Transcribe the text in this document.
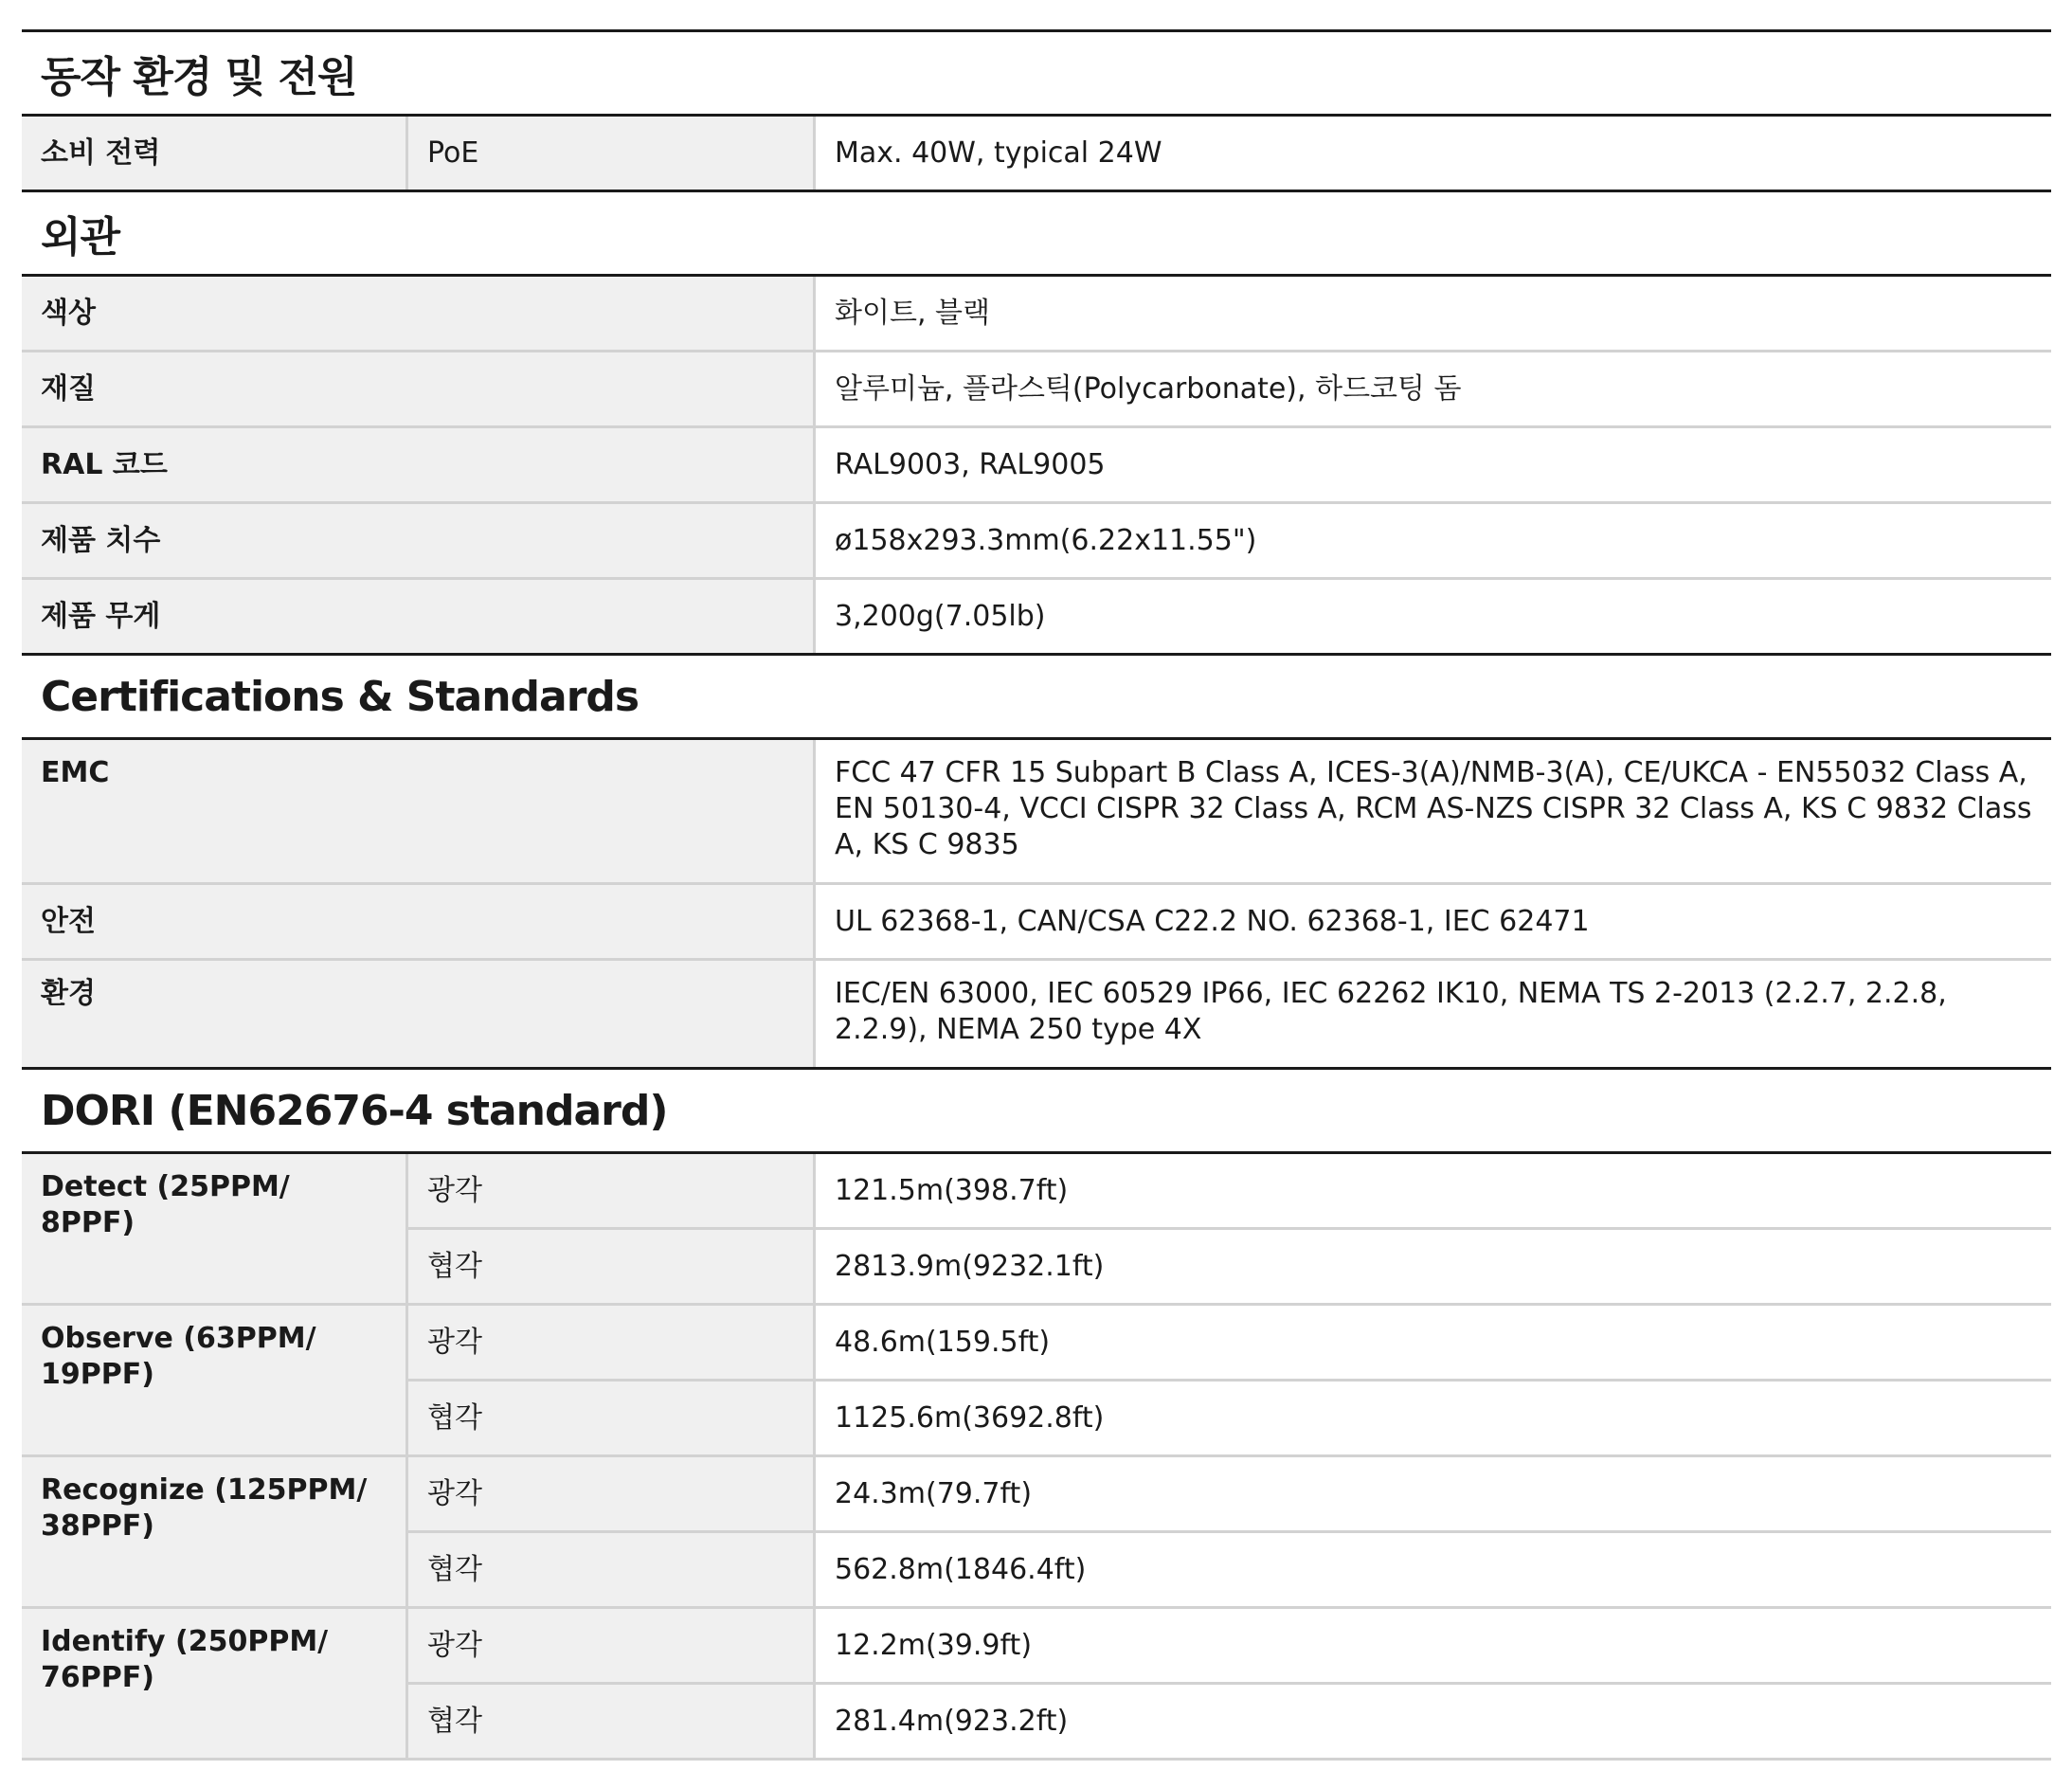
동작 환경 및 전원
소비 전력	PoE	Max. 40W, typical 24W
외관
색상	화이트, 블랙
재질	알루미늄, 플라스틱(Polycarbonate), 하드코팅 돔
RAL 코드	RAL9003, RAL9005
제품 치수	ø158x293.3mm(6.22x11.55")
제품 무게	3,200g(7.05lb)
Certifications & Standards
EMC	FCC 47 CFR 15 Subpart B Class A, ICES-3(A)/NMB-3(A), CE/UKCA - EN55032 Class A, EN 50130-4, VCCI CISPR 32 Class A, RCM AS-NZS CISPR 32 Class A, KS C 9832 Class A, KS C 9835
안전	UL 62368-1, CAN/CSA C22.2 NO. 62368-1, IEC 62471
환경	IEC/EN 63000, IEC 60529 IP66, IEC 62262 IK10, NEMA TS 2-2013 (2.2.7, 2.2.8, 2.2.9), NEMA 250 type 4X
DORI (EN62676-4 standard)
Detect (25PPM/ 8PPF)
광각	121.5m(398.7ft)
협각	2813.9m(9232.1ft)
Observe (63PPM/ 19PPF)
광각	48.6m(159.5ft)
협각	1125.6m(3692.8ft)
Recognize (125PPM/ 38PPF)
광각	24.3m(79.7ft)
협각	562.8m(1846.4ft)
Identify (250PPM/ 76PPF)
광각	12.2m(39.9ft)
협각	281.4m(923.2ft)
